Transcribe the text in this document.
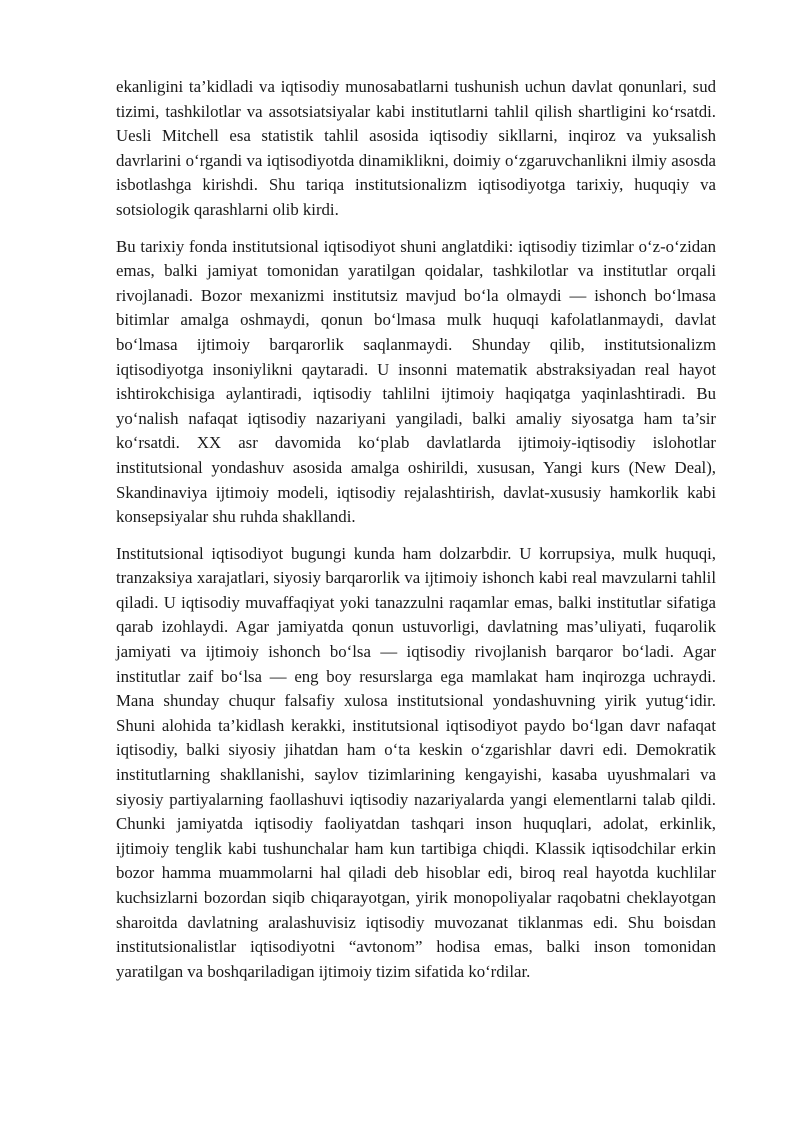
ekanligini ta’kidladi va iqtisodiy munosabatlarni tushunish uchun davlat qonunlari, sud tizimi, tashkilotlar va assotsiatsiyalar kabi institutlarni tahlil qilish shartligini ko‘rsatdi. Uesli Mitchell esa statistik tahlil asosida iqtisodiy sikllarni, inqiroz va yuksalish davrlarini o‘rgandi va iqtisodiyotda dinamiklikni, doimiy o‘zgaruvchanlikni ilmiy asosda isbotlashga kirishdi. Shu tariqa institutsionalizm iqtisodiyotga tarixiy, huquqiy va sotsiologik qarashlarni olib kirdi.

Bu tarixiy fonda institutsional iqtisodiyot shuni anglatdiki: iqtisodiy tizimlar o‘z-o‘zidan emas, balki jamiyat tomonidan yaratilgan qoidalar, tashkilotlar va institutlar orqali rivojlanadi. Bozor mexanizmi institutsiz mavjud bo‘la olmaydi — ishonch bo‘lmasa bitimlar amalga oshmaydi, qonun bo‘lmasa mulk huquqi kafolatlanmaydi, davlat bo‘lmasa ijtimoiy barqarorlik saqlanmaydi. Shunday qilib, institutsionalizm iqtisodiyotga insoniylikni qaytaradi. U insonni matematik abstraksiyadan real hayot ishtirokchisiga aylantiradi, iqtisodiy tahlilni ijtimoiy haqiqatga yaqinlashtiradi. Bu yo‘nalish nafaqat iqtisodiy nazariyani yangiladi, balki amaliy siyosatga ham ta’sir ko‘rsatdi. XX asr davomida ko‘plab davlatlarda ijtimoiy-iqtisodiy islohotlar institutsional yondashuv asosida amalga oshirildi, xususan, Yangi kurs (New Deal), Skandinaviya ijtimoiy modeli, iqtisodiy rejalashtirish, davlat-xususiy hamkorlik kabi konsepsiyalar shu ruhda shakllandi.

Institutsional iqtisodiyot bugungi kunda ham dolzarbdir. U korrupsiya, mulk huquqi, tranzaksiya xarajatlari, siyosiy barqarorlik va ijtimoiy ishonch kabi real mavzularni tahlil qiladi. U iqtisodiy muvaffaqiyat yoki tanazzulni raqamlar emas, balki institutlar sifatiga qarab izohlaydi. Agar jamiyatda qonun ustuvorligi, davlatning mas’uliyati, fuqarolik jamiyati va ijtimoiy ishonch bo‘lsa — iqtisodiy rivojlanish barqaror bo‘ladi. Agar institutlar zaif bo‘lsa — eng boy resurslarga ega mamlakat ham inqirozga uchraydi. Mana shunday chuqur falsafiy xulosa institutsional yondashuvning yirik yutug‘idir. Shuni alohida ta’kidlash kerakki, institutsional iqtisodiyot paydo bo‘lgan davr nafaqat iqtisodiy, balki siyosiy jihatdan ham o‘ta keskin o‘zgarishlar davri edi. Demokratik institutlarning shakllanishi, saylov tizimlarining kengayishi, kasaba uyushmalari va siyosiy partiyalarning faollashuvi iqtisodiy nazariyalarda yangi elementlarni talab qildi. Chunki jamiyatda iqtisodiy faoliyatdan tashqari inson huquqlari, adolat, erkinlik, ijtimoiy tenglik kabi tushunchalar ham kun tartibiga chiqdi. Klassik iqtisodchilar erkin bozor hamma muammolarni hal qiladi deb hisoblar edi, biroq real hayotda kuchlilar kuchsizlarni bozordan siqib chiqarayotgan, yirik monopoliyalar raqobatni cheklayotgan sharoitda davlatning aralashuvisiz iqtisodiy muvozanat tiklanmas edi. Shu boisdan institutsionalistlar iqtisodiyotni “avtonom” hodisa emas, balki inson tomonidan yaratilgan va boshqariladigan ijtimoiy tizim sifatida ko‘rdilar.
